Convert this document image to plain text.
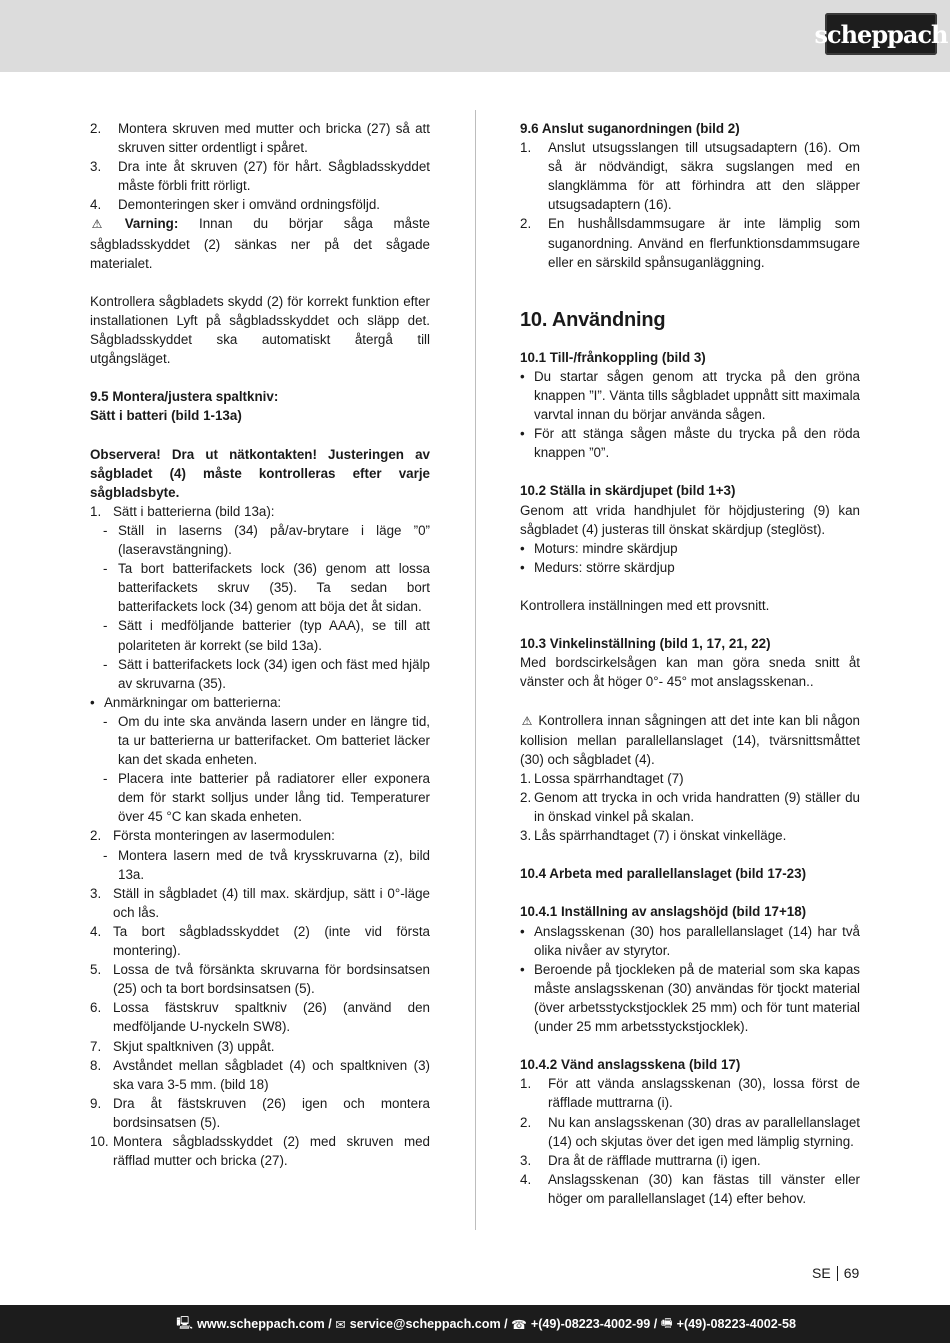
scheppach
2.	Montera skruven med mutter och bricka (27) så att skruven sitter ordentligt i spåret.
3.	Dra inte åt skruven (27) för hårt. Sågbladsskyddet måste förbli fritt rörligt.
4.	Demonteringen sker i omvänd ordningsföljd.

⚠ Varning: Innan du börjar såga måste sågbladsskyddet (2) sänkas ner på det sågade materialet.

Kontrollera sågbladets skydd (2) för korrekt funktion efter installationen Lyft på sågbladsskyddet och släpp det. Sågbladsskyddet ska automatiskt återgå till utgångsläget.

9.5 Montera/justera spaltkniv:

Sätt i batteri (bild 1-13a)

Observera! Dra ut nätkontakten! Justeringen av sågbladet (4) måste kontrolleras efter varje sågbladsbyte.

1. Sätt i batterierna (bild 13a):
- Ställ in laserns (34) på/av-brytare i läge ”0” (laseravstängning).
- Ta bort batterifackets lock (36) genom att lossa batterifackets skruv (35). Ta sedan bort batterifackets lock (34) genom att böja det åt sidan.
- Sätt i medföljande batterier (typ AAA), se till att polariteten är korrekt (se bild 13a).
- Sätt i batterifackets lock (34) igen och fäst med hjälp av skruvarna (35).
• Anmärkningar om batterierna:
- Om du inte ska använda lasern under en längre tid, ta ur batterierna ur batterifacket. Om batteriet läcker kan det skada enheten.
- Placera inte batterier på radiatorer eller exponera dem för starkt solljus under lång tid. Temperaturer över 45 °C kan skada enheten.
2. Första monteringen av lasermodulen:
- Montera lasern med de två krysskruvarna (z), bild 13a.
3. Ställ in sågbladet (4) till max. skärdjup, sätt i 0°-läge och lås.
4. Ta bort sågbladsskyddet (2) (inte vid första montering).
5. Lossa de två försänkta skruvarna för bordsinsatsen (25) och ta bort bordsinsatsen (5).
6. Lossa fästskruv spaltkniv (26) (använd den medföljande U-nyckeln SW8).
7. Skjut spaltkniven (3) uppåt.
8. Avståndet mellan sågbladet (4) och spaltkniven (3) ska vara 3-5 mm. (bild 18)
9. Dra åt fästskruven (26) igen och montera bordsinsatsen (5).
10. Montera sågbladsskyddet (2) med skruven med räfflad mutter och bricka (27).

9.6 Anslut suganordningen (bild 2)

1.	Anslut utsugsslangen till utsugsadaptern (16). Om så är nödvändigt, säkra sugslangen med en slangklämma för att förhindra att den släpper utsugsadaptern (16).
2.	En hushållsdammsugare är inte lämplig som suganordning. Använd en flerfunktionsdammsugare eller en särskild spånsuganläggning.

10. Användning

10.1 Till-/frånkoppling (bild 3)

• Du startar sågen genom att trycka på den gröna knappen ”I”. Vänta tills sågbladet uppnått sitt maximala varvtal innan du börjar använda sågen.
• För att stänga sågen måste du trycka på den röda knappen ”0”.

10.2 Ställa in skärdjupet (bild 1+3)

Genom att vrida handhjulet för höjdjustering (9) kan sågbladet (4) justeras till önskat skärdjup (steglöst).

• Moturs: mindre skärdjup
• Medurs: större skärdjup

Kontrollera inställningen med ett provsnitt.

10.3 Vinkelinställning (bild 1, 17, 21, 22)

Med bordscirkelsågen kan man göra sneda snitt åt vänster och åt höger 0°- 45° mot anslagsskenan..

⚠ Kontrollera innan sågningen att det inte kan bli någon kollision mellan parallellanslaget (14), tvärsnittsmåttet (30) och sågbladet (4).

1. Lossa spärrhandtaget (7)
2. Genom att trycka in och vrida handratten (9) ställer du in önskad vinkel på skalan.
3. Lås spärrhandtaget (7) i önskat vinkelläge.

10.4 Arbeta med parallellanslaget (bild 17-23)

10.4.1 Inställning av anslagshöjd (bild 17+18)

• Anslagsskenan (30) hos parallellanslaget (14) har två olika nivåer av styrytor.
• Beroende på tjockleken på de material som ska kapas måste anslagsskenan (30) användas för tjockt material (över arbetsstyckstjocklek 25 mm) och för tunt material (under 25 mm arbetsstyckstjocklek).

10.4.2 Vänd anslagsskena (bild 17)

1.	För att vända anslagsskenan (30), lossa först de räfflade muttrarna (i).
2.	Nu kan anslagsskenan (30) dras av parallellanslaget (14) och skjutas över det igen med lämplig styrning.
3.	Dra åt de räfflade muttrarna (i) igen.
4.	Anslagsskenan (30) kan fästas till vänster eller höger om parallellanslaget (14) efter behov.
SE 69
🖳 www.scheppach.com /
✉ service@scheppach.com /
☎ +(49)-08223-4002-99 /
🖷 +(49)-08223-4002-58
